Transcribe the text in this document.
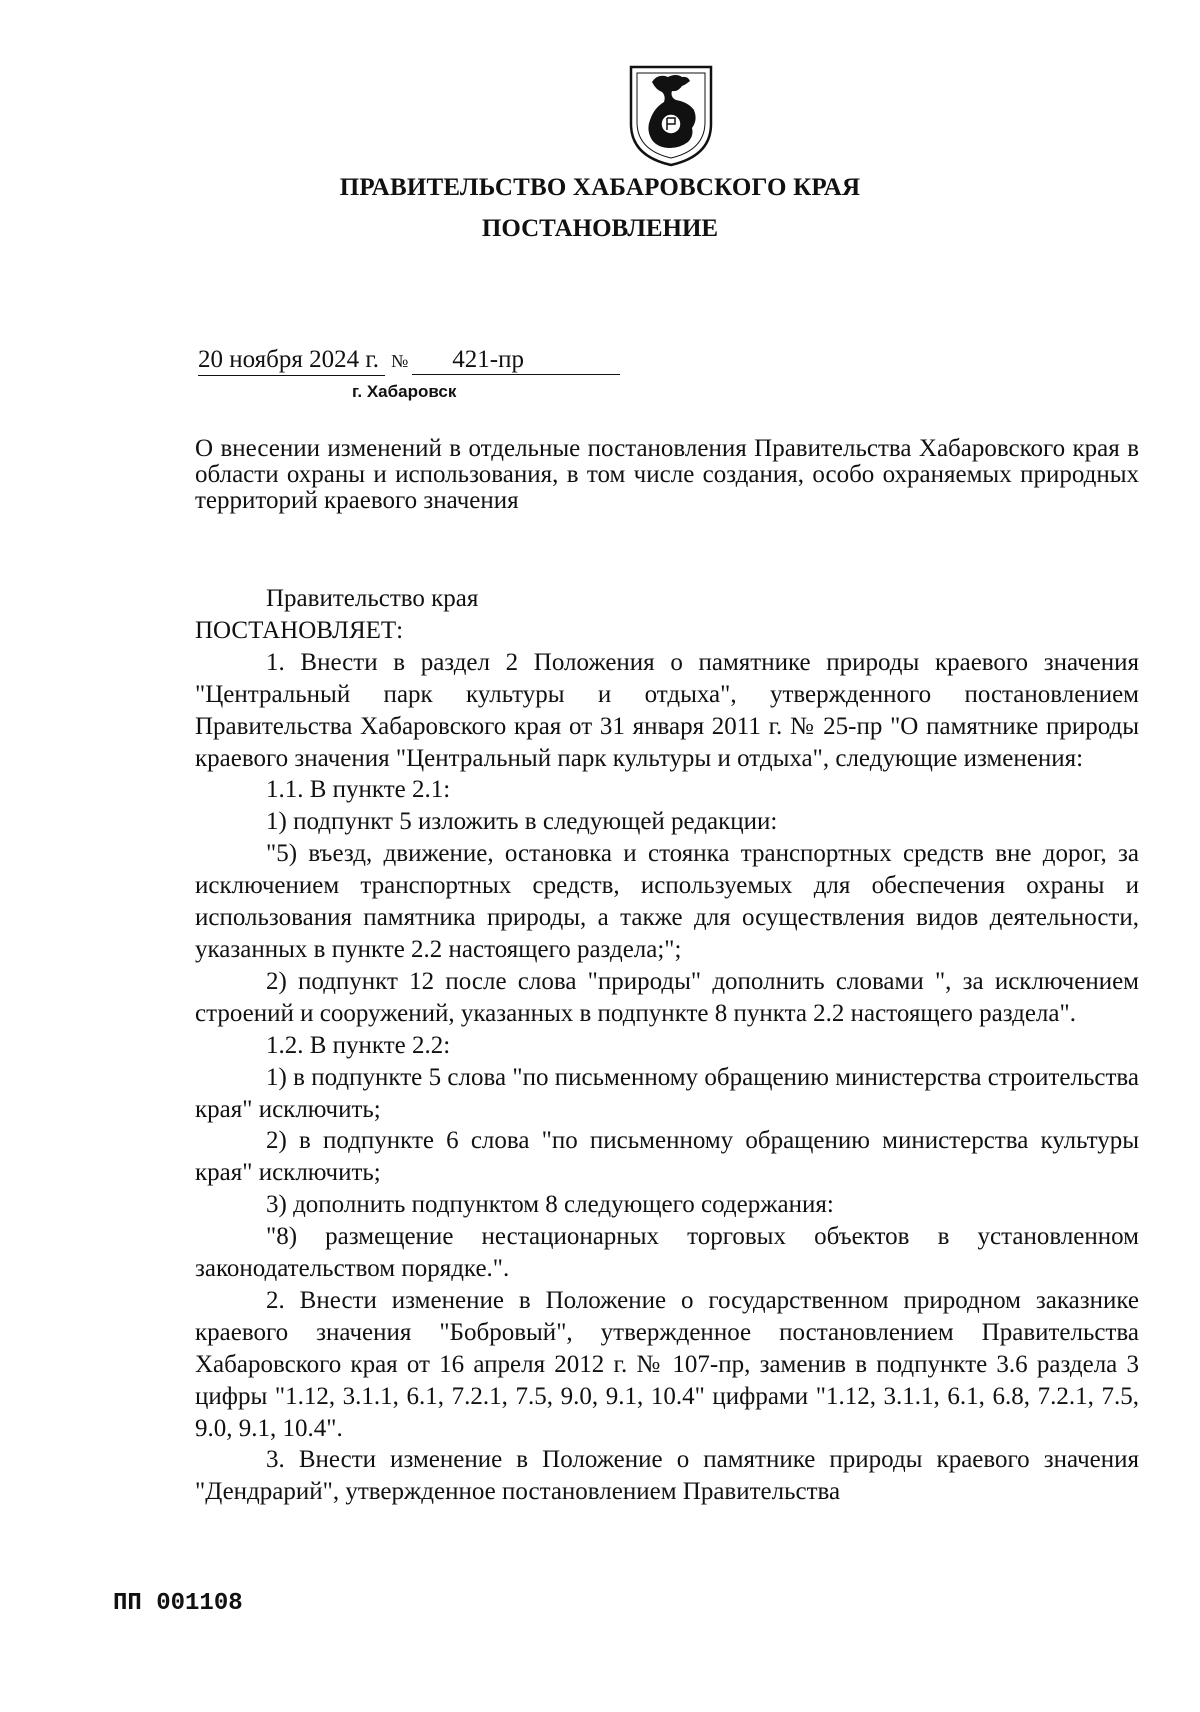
ПРАВИТЕЛЬСТВО ХАБАРОВСКОГО КРАЯ
ПОСТАНОВЛЕНИЕ
20 ноября 2024 г. № 421-пр
г. Хабаровск
О внесении изменений в отдельные постановления Правительства Хабаровского края в области охраны и использования, в том числе создания, особо охраняемых природных территорий краевого значения

Правительство края

ПОСТАНОВЛЯЕТ:

1. Внести в раздел 2 Положения о памятнике природы краевого значения "Центральный парк культуры и отдыха", утвержденного постановлением Правительства Хабаровского края от 31 января 2011 г. № 25-пр "О памятнике природы краевого значения "Центральный парк культуры и отдыха", следующие изменения:

1.1. В пункте 2.1:

1) подпункт 5 изложить в следующей редакции:

"5) въезд, движение, остановка и стоянка транспортных средств вне дорог, за исключением транспортных средств, используемых для обеспечения охраны и использования памятника природы, а также для осуществления видов деятельности, указанных в пункте 2.2 настоящего раздела;";

2) подпункт 12 после слова "природы" дополнить словами ", за исключением строений и сооружений, указанных в подпункте 8 пункта 2.2 настоящего раздела".

1.2. В пункте 2.2:

1) в подпункте 5 слова "по письменному обращению министерства строительства края" исключить;

2) в подпункте 6 слова "по письменному обращению министерства культуры края" исключить;

3) дополнить подпунктом 8 следующего содержания:

"8) размещение нестационарных торговых объектов в установленном законодательством порядке.".

2. Внести изменение в Положение о государственном природном заказнике краевого значения "Бобровый", утвержденное постановлением Правительства Хабаровского края от 16 апреля 2012 г. № 107-пр, заменив в подпункте 3.6 раздела 3 цифры "1.12, 3.1.1, 6.1, 7.2.1, 7.5, 9.0, 9.1, 10.4" цифрами "1.12, 3.1.1, 6.1, 6.8, 7.2.1, 7.5, 9.0, 9.1, 10.4".

3. Внести изменение в Положение о памятнике природы краевого значения "Дендрарий", утвержденное постановлением Правительства

ПП 001108
